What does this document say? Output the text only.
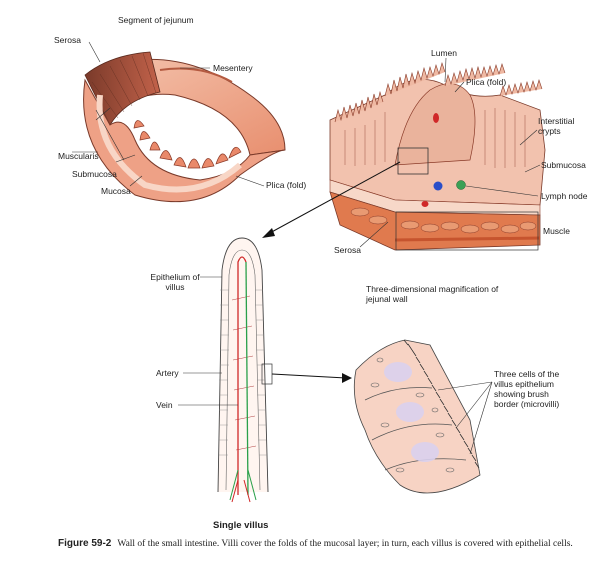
Segment of jejunum
Serosa
Mesentery
Muscularis
Submucosa
Mucosa
Plica (fold)
Lumen
Plica (fold)
Interstitial crypts
Submucosa
Lymph node
Muscle
Serosa
Epithelium of villus	Three-dimensional magnification of jejunal wall
Artery
Vein
Three cells of the villus epithelium showing brush border (microvilli)
Single villus
Figure 59-2 Wall of the small intestine. Villi cover the folds of the mucosal layer; in turn, each villus is covered with epithelial cells.
